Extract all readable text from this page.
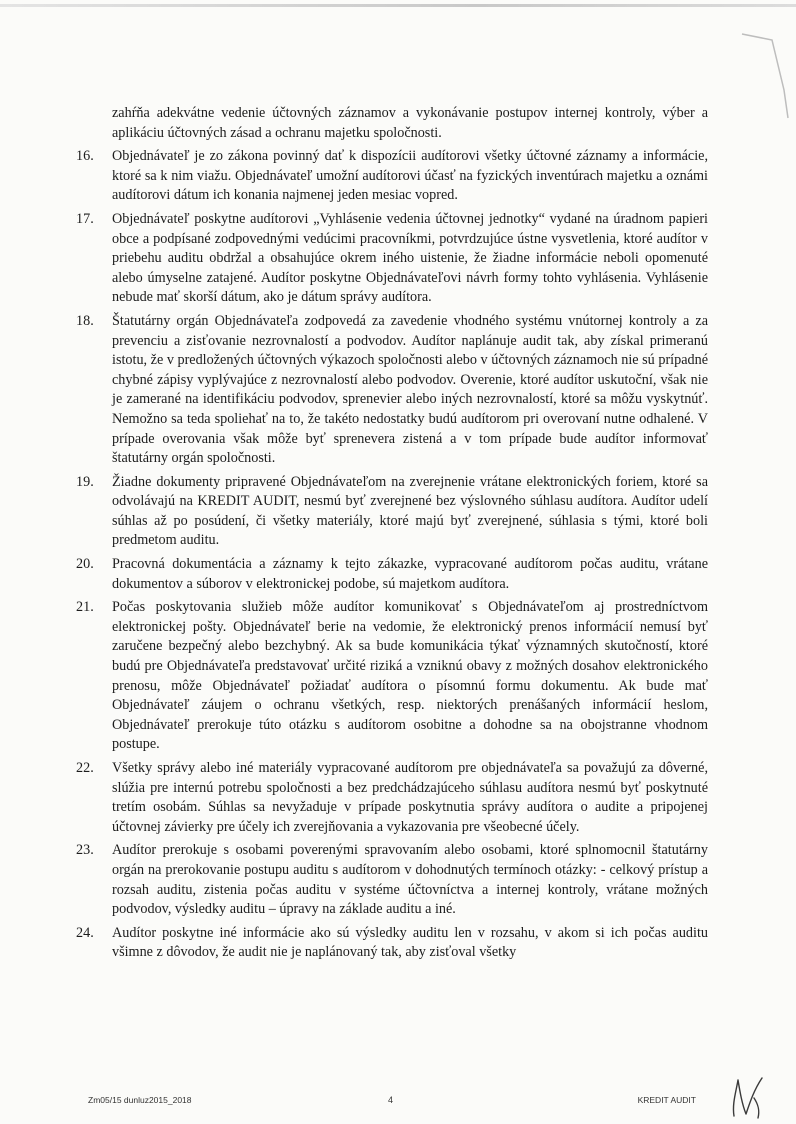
zahŕňa adekvátne vedenie účtovných záznamov a vykonávanie postupov internej kontroly, výber a aplikáciu účtovných zásad a ochranu majetku spoločnosti.
16.	Objednávateľ je zo zákona povinný dať k dispozícii audítorovi všetky účtovné záznamy a informácie, ktoré sa k nim viažu. Objednávateľ umožní audítorovi účasť na fyzických inventúrach majetku a oznámi audítorovi dátum ich konania najmenej jeden mesiac vopred.
17.	Objednávateľ poskytne audítorovi „Vyhlásenie vedenia účtovnej jednotky“ vydané na úradnom papieri obce a podpísané zodpovednými vedúcimi pracovníkmi, potvrdzujúce ústne vysvetlenia, ktoré audítor v priebehu auditu obdržal a obsahujúce okrem iného uistenie, že žiadne informácie neboli opomenuté alebo úmyselne zatajené. Audítor poskytne Objednávateľovi návrh formy tohto vyhlásenia. Vyhlásenie nebude mať skorší dátum, ako je dátum správy audítora.
18.	Štatutárny orgán Objednávateľa zodpovedá za zavedenie vhodného systému vnútornej kontroly a za prevenciu a zisťovanie nezrovnalostí a podvodov. Audítor naplánuje audit tak, aby získal primeranú istotu, že v predložených účtovných výkazoch spoločnosti alebo v účtovných záznamoch nie sú prípadné chybné zápisy vyplývajúce z nezrovnalostí alebo podvodov. Overenie, ktoré audítor uskutoční, však nie je zamerané na identifikáciu podvodov, sprenevier alebo iných nezrovnalostí, ktoré sa môžu vyskytnúť. Nemožno sa teda spoliehať na to, že takéto nedostatky budú audítorom pri overovaní nutne odhalené. V prípade overovania však môže byť sprenevera zistená a v tom prípade bude audítor informovať štatutárny orgán spoločnosti.
19.	Žiadne dokumenty pripravené Objednávateľom na zverejnenie vrátane elektronických foriem, ktoré sa odvolávajú na KREDIT AUDIT, nesmú byť zverejnené bez výslovného súhlasu audítora. Audítor udelí súhlas až po posúdení, či všetky materiály, ktoré majú byť zverejnené, súhlasia s tými, ktoré boli predmetom auditu.
20.	Pracovná dokumentácia a záznamy k tejto zákazke, vypracované audítorom počas auditu, vrátane dokumentov a súborov v elektronickej podobe, sú majetkom audítora.
21.	Počas poskytovania služieb môže audítor komunikovať s Objednávateľom aj prostredníctvom elektronickej pošty. Objednávateľ berie na vedomie, že elektronický prenos informácií nemusí byť zaručene bezpečný alebo bezchybný. Ak sa bude komunikácia týkať významných skutočností, ktoré budú pre Objednávateľa predstavovať určité riziká a vzniknú obavy z možných dosahov elektronického prenosu, môže Objednávateľ požiadať audítora o písomnú formu dokumentu. Ak bude mať Objednávateľ záujem o ochranu všetkých, resp. niektorých prenášaných informácií heslom, Objednávateľ prerokuje túto otázku s audítorom osobitne a dohodne sa na obojstranne vhodnom postupe.
22.	Všetky správy alebo iné materiály vypracované audítorom pre objednávateľa sa považujú za dôverné, slúžia pre internú potrebu spoločnosti a bez predchádzajúceho súhlasu audítora nesmú byť poskytnuté tretím osobám. Súhlas sa nevyžaduje v prípade poskytnutia správy audítora o audite a pripojenej účtovnej závierky pre účely ich zverejňovania a vykazovania pre všeobecné účely.
23.	Audítor prerokuje s osobami poverenými spravovaním alebo osobami, ktoré splnomocnil štatutárny orgán na prerokovanie postupu auditu s audítorom v dohodnutých termínoch otázky: - celkový prístup a rozsah auditu, zistenia počas auditu v systéme účtovníctva a internej kontroly, vrátane možných podvodov, výsledky auditu – úpravy na základe auditu a iné.
24.	Audítor poskytne iné informácie ako sú výsledky auditu len v rozsahu, v akom si ich počas auditu všimne z dôvodov, že audit nie je naplánovaný tak, aby zisťoval všetky
Zm05/15 dunluz2015_2018	4	KREDIT AUDIT
